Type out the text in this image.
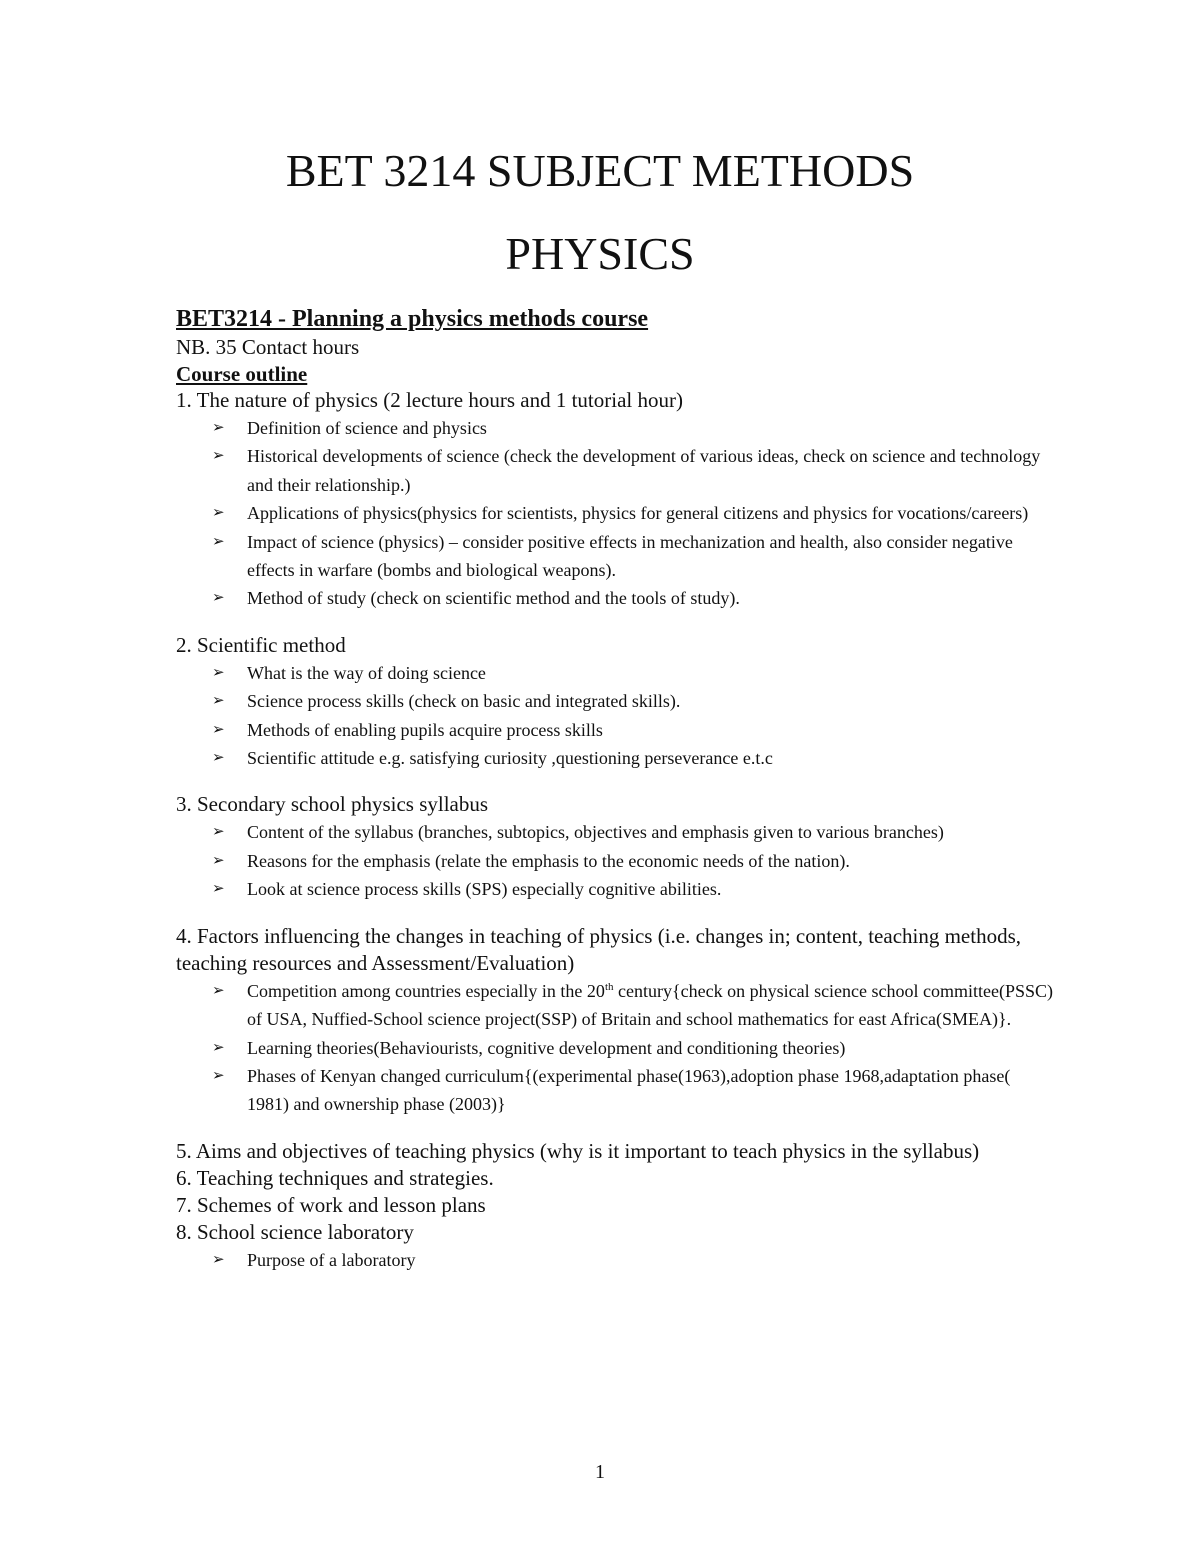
BET 3214 SUBJECT METHODS
PHYSICS

BET3214 - Planning a physics methods course

NB. 35 Contact hours

Course outline

1. The nature of physics (2 lecture hours and 1 tutorial hour)

➢	Definition of science and physics
➢	Historical developments of science (check the development of various ideas, check on science and technology and their relationship.)
➢	Applications of physics(physics for scientists, physics for general citizens and physics for vocations/careers)
➢	Impact of science (physics) – consider positive effects in mechanization and health, also consider negative effects in warfare (bombs and biological weapons).
➢	Method of study (check on scientific method and the tools of study).

2. Scientific method

➢	What is the way of doing science
➢	Science process skills (check on basic and integrated skills).
➢	Methods of enabling pupils acquire process skills
➢	Scientific attitude e.g. satisfying curiosity ,questioning perseverance e.t.c

3. Secondary school physics syllabus

➢	Content of the syllabus (branches, subtopics, objectives and emphasis given to various branches)
➢	Reasons for the emphasis (relate the emphasis to the economic needs of the nation).
➢	Look at science process skills (SPS) especially cognitive abilities.

4. Factors influencing the changes in teaching of physics (i.e. changes in; content, teaching methods, teaching resources and Assessment/Evaluation)

➢	Competition among countries especially in the 20th century{check on physical science school committee(PSSC) of USA, Nuffied-School science project(SSP) of Britain and school mathematics for east Africa(SMEA)}.
➢	Learning theories(Behaviourists, cognitive development and conditioning theories)
➢	Phases of Kenyan changed curriculum{(experimental phase(1963),adoption phase 1968,adaptation phase( 1981) and ownership phase (2003)}

5. Aims and objectives of teaching physics (why is it important to teach physics in the syllabus)

6. Teaching techniques and strategies.

7. Schemes of work and lesson plans

8. School science laboratory

➢	Purpose of a laboratory
1
